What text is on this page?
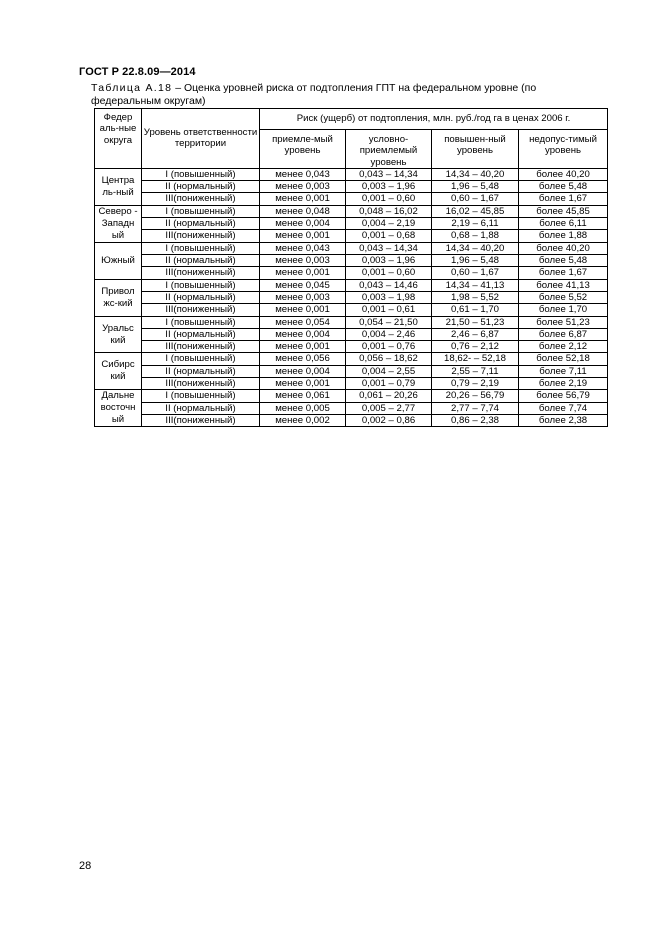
ГОСТ Р 22.8.09—2014
Таблица А.18 – Оценка уровней риска от подтопления ГПТ на федеральном уровне (по федеральным округам)
Федер аль-ные округа	Уровень ответственности территории	Риск (ущерб) от подтопления, млн. руб./год га в ценах 2006 г.			
		приемле-мый уровень	условно-приемлемый уровень	повышен-ный уровень	недопус-тимый уровень
Центра ль-ный	I (повышенный)	менее 0,043	0,043 – 14,34	14,34 – 40,20	более 40,20
	II (нормальный)	менее 0,003	0,003 – 1,96	1,96 – 5,48	более 5,48
	III(пониженный)	менее 0,001	0,001 – 0,60	0,60 – 1,67	более 1,67
Северо - Западн ый	I (повышенный)	менее 0,048	0,048 – 16,02	16,02 – 45,85	более 45,85
	II (нормальный)	менее 0,004	0,004 – 2,19	2,19 – 6,11	более 6,11
	III(пониженный)	менее 0,001	0,001 – 0,68	0,68 – 1,88	более 1,88
Южный	I (повышенный)	менее 0,043	0,043 – 14,34	14,34 – 40,20	более 40,20
	II (нормальный)	менее 0,003	0,003 – 1,96	1,96 – 5,48	более 5,48
	III(пониженный)	менее 0,001	0,001 – 0,60	0,60 – 1,67	более 1,67
Привол жс-кий	I (повышенный)	менее 0,045	0,043 – 14,46	14,34 – 41,13	более 41,13
	II (нормальный)	менее 0,003	0,003 – 1,98	1,98 – 5,52	более 5,52
	III(пониженный)	менее 0,001	0,001 – 0,61	0,61 – 1,70	более 1,70
Уральс кий	I (повышенный)	менее 0,054	0,054 – 21,50	21,50 – 51,23	более 51,23
	II (нормальный)	менее 0,004	0,004 – 2,46	2,46 – 6,87	более 6,87
	III(пониженный)	менее 0,001	0,001 – 0,76	0,76 – 2,12	более 2,12
Сибирс кий	I (повышенный)	менее 0,056	0,056 – 18,62	18,62- – 52,18	более 52,18
	II (нормальный)	менее 0,004	0,004 – 2,55	2,55 – 7,11	более 7,11
	III(пониженный)	менее 0,001	0,001 – 0,79	0,79 – 2,19	более 2,19
Дальне восточн ый	I (повышенный)	менее 0,061	0,061 – 20,26	20,26 – 56,79	более 56,79
	II (нормальный)	менее 0,005	0,005 – 2,77	2,77 – 7,74	более 7,74
	III(пониженный)	менее 0,002	0,002 – 0,86	0,86 – 2,38	более 2,38
28
